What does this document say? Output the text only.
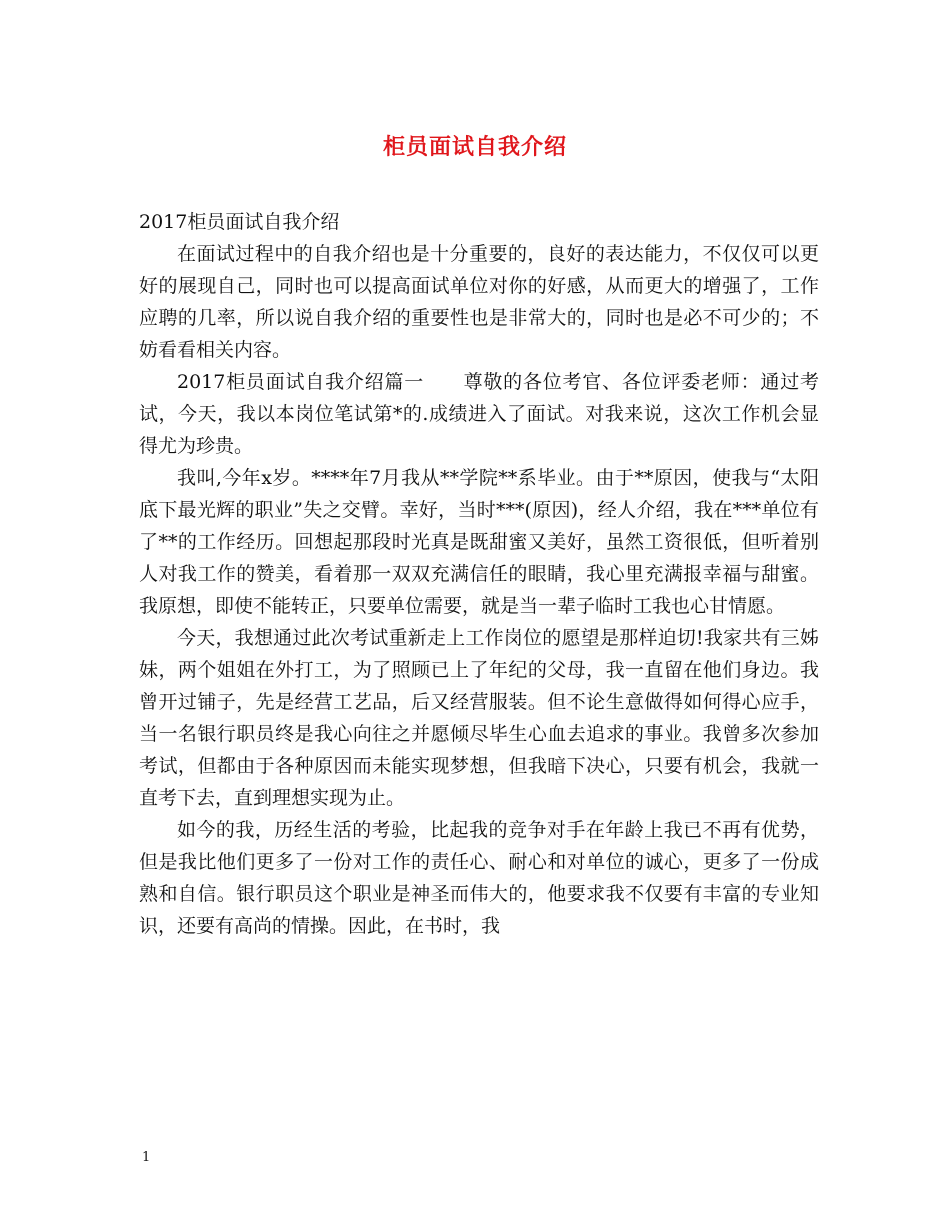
柜员面试自我介绍

2017柜员面试自我介绍

在面试过程中的自我介绍也是十分重要的，良好的表达能力，不仅仅可以更好的展现自己，同时也可以提高面试单位对你的好感，从而更大的增强了，工作应聘的几率，所以说自我介绍的重要性也是非常大的，同时也是必不可少的；不妨看看相关内容。

2017柜员面试自我介绍篇一　　尊敬的各位考官、各位评委老师：通过考试，今天，我以本岗位笔试第*的.成绩进入了面试。对我来说，这次工作机会显得尤为珍贵。

我叫,今年x岁。****年7月我从**学院**系毕业。由于**原因，使我与“太阳底下最光辉的职业”失之交臂。幸好，当时***(原因)，经人介绍，我在***单位有了**的工作经历。回想起那段时光真是既甜蜜又美好，虽然工资很低，但听着别人对我工作的赞美，看着那一双双充满信任的眼睛，我心里充满报幸福与甜蜜。我原想，即使不能转正，只要单位需要，就是当一辈子临时工我也心甘情愿。

今天，我想通过此次考试重新走上工作岗位的愿望是那样迫切!我家共有三姊妹，两个姐姐在外打工，为了照顾已上了年纪的父母，我一直留在他们身边。我曾开过铺子，先是经营工艺品，后又经营服装。但不论生意做得如何得心应手，当一名银行职员终是我心向往之并愿倾尽毕生心血去追求的事业。我曾多次参加考试，但都由于各种原因而未能实现梦想，但我暗下决心，只要有机会，我就一直考下去，直到理想实现为止。

如今的我，历经生活的考验，比起我的竞争对手在年龄上我已不再有优势，但是我比他们更多了一份对工作的责任心、耐心和对单位的诚心，更多了一份成熟和自信。银行职员这个职业是神圣而伟大的，他要求我不仅要有丰富的专业知识，还要有高尚的情操。因此，在书时，我

1
